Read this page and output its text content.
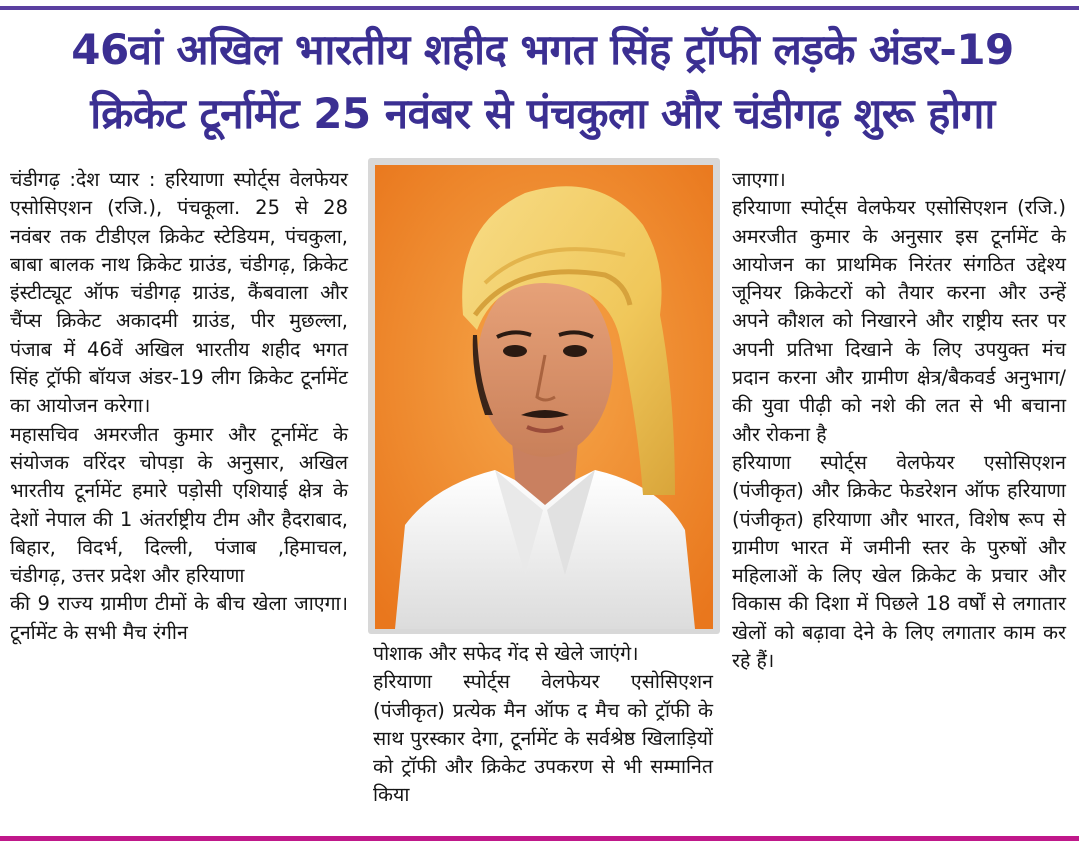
46वां अखिल भारतीय शहीद भगत सिंह ट्रॉफी लड़के अंडर-19 क्रिकेट टूर्नामेंट 25 नवंबर से पंचकुला और चंडीगढ़ शुरू होगा

चंडीगढ़ :देश प्यार : हरियाणा स्पोर्ट्स वेलफेयर एसोसिएशन (रजि.), पंचकूला. 25 से 28 नवंबर तक टीडीएल क्रिकेट स्टेडियम, पंचकुला, बाबा बालक नाथ क्रिकेट ग्राउंड, चंडीगढ़, क्रिकेट इंस्टीट्यूट ऑफ चंडीगढ़ ग्राउंड, कैंबवाला और चैंप्स क्रिकेट अकादमी ग्राउंड, पीर मुछल्ला, पंजाब में 46वें अखिल भारतीय शहीद भगत सिंह ट्रॉफी बॉयज अंडर-19 लीग क्रिकेट टूर्नामेंट का आयोजन करेगा।

महासचिव अमरजीत कुमार और टूर्नामेंट के संयोजक वरिंदर चोपड़ा के अनुसार, अखिल भारतीय टूर्नामेंट हमारे पड़ोसी एशियाई क्षेत्र के देशों नेपाल की 1 अंतर्राष्ट्रीय टीम और हैदराबाद, बिहार, विदर्भ, दिल्ली, पंजाब ,हिमाचल, चंडीगढ़, उत्तर प्रदेश और हरियाणा

की 9 राज्य ग्रामीण टीमों के बीच खेला जाएगा। टूर्नामेंट के सभी मैच रंगीन

पोशाक और सफेद गेंद से खेले जाएंगे।

हरियाणा स्पोर्ट्स वेलफेयर एसोसिएशन (पंजीकृत) प्रत्येक मैन ऑफ द मैच को ट्रॉफी के साथ पुरस्कार देगा, टूर्नामेंट के सर्वश्रेष्ठ खिलाड़ियों को ट्रॉफी और क्रिकेट उपकरण से भी सम्मानित किया

जाएगा।

हरियाणा स्पोर्ट्स वेलफेयर एसोसिएशन (रजि.) अमरजीत कुमार के अनुसार इस टूर्नामेंट के आयोजन का प्राथमिक निरंतर संगठित उद्देश्य जूनियर क्रिकेटरों को तैयार करना और उन्हें अपने कौशल को निखारने और राष्ट्रीय स्तर पर अपनी प्रतिभा दिखाने के लिए उपयुक्त मंच प्रदान करना और ग्रामीण क्षेत्र/बैकवर्ड अनुभाग/की युवा पीढ़ी को नशे की लत से भी बचाना और रोकना है

हरियाणा स्पोर्ट्स वेलफेयर एसोसिएशन (पंजीकृत) और क्रिकेट फेडरेशन ऑफ हरियाणा (पंजीकृत) हरियाणा और भारत, विशेष रूप से ग्रामीण भारत में जमीनी स्तर के पुरुषों और महिलाओं के लिए खेल क्रिकेट के प्रचार और विकास की दिशा में पिछले 18 वर्षों से लगातार खेलों को बढ़ावा देने के लिए लगातार काम कर रहे हैं।
